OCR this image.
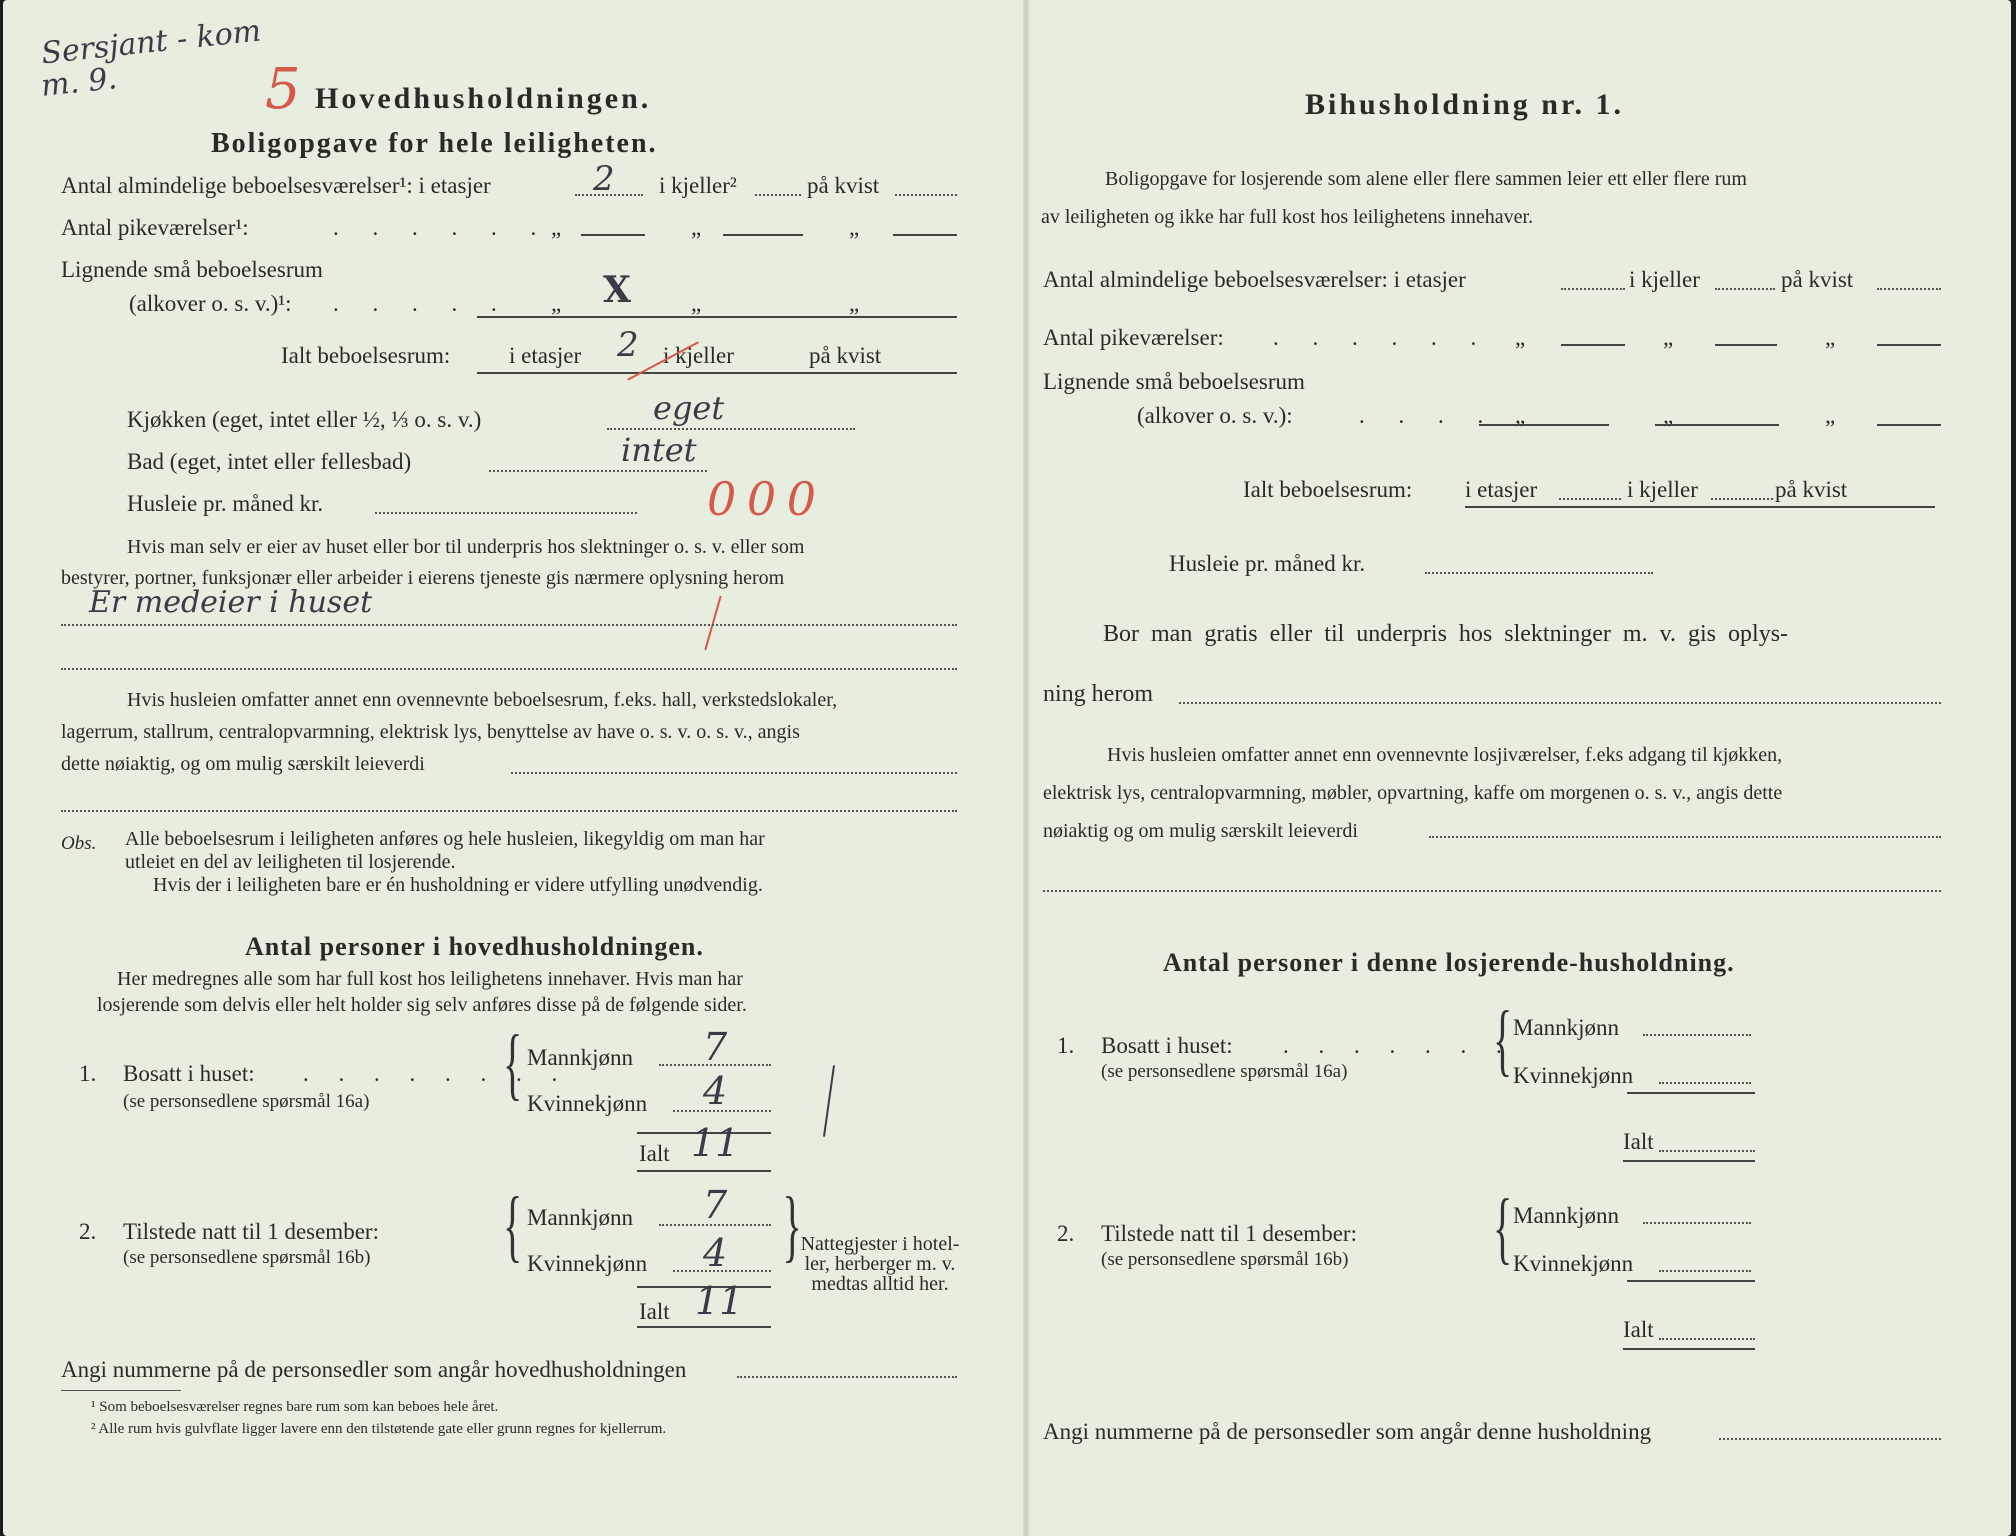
Sersjant - kom
m. 9.	5 Hovedhusholdningen.
Boligopgave for hele leiligheten.
Antal almindelige beboelsesværelser¹: i etasjer	2 i kjeller²	på kvist
Antal pikeværelser¹:	. . . . . . „	„	„
Lignende små beboelsesrum
(alkover o. s. v.)¹: . . . . . „ X	„	„
Ialt beboelsesrum:	i etasjer 2 i kjeller	på kvist
Kjøkken (eget, intet eller ½, ⅓ o. s. v.)	eget
Bad (eget, intet eller fellesbad)	intet
Husleie pr. måned kr.	0 0 0
Hvis man selv er eier av huset eller bor til underpris hos slektninger o. s. v. eller som
bestyrer, portner, funksjonær eller arbeider i eierens tjeneste gis nærmere oplysning herom
Er medeier i huset
Hvis husleien omfatter annet enn ovennevnte beboelsesrum, f.eks. hall, verkstedslokaler,
lagerrum, stallrum, centralopvarmning, elektrisk lys, benyttelse av have o. s. v. o. s. v., angis
dette nøiaktig, og om mulig særskilt leieverdi
Obs. Alle beboelsesrum i leiligheten anføres og hele husleien, likegyldig om man har
utleiet en del av leiligheten til losjerende.
Hvis der i leiligheten bare er én husholdning er videre utfylling unødvendig.
Antal personer i hovedhusholdningen.
Her medregnes alle som har full kost hos leilighetens innehaver. Hvis man har
losjerende som delvis eller helt holder sig selv anføres disse på de følgende sider.
1. Bosatt i huset: . . . . . . . .
(se personsedlene spørsmål 16a) { Mannkjønn 7
Kvinnekjønn 4
Ialt 11
2. Tilstede natt til 1 desember:
(se personsedlene spørsmål 16b) { Mannkjønn 7
Kvinnekjønn 4
Ialt 11
{
Nattegjester i hotel-
ler, herberger m. v.
medtas alltid her.
Angi nummerne på de personsedler som angår hovedhusholdningen
¹ Som beboelsesværelser regnes bare rum som kan beboes hele året.
² Alle rum hvis gulvflate ligger lavere enn den tilstøtende gate eller grunn regnes for kjellerrum.
Bihusholdning nr. 1.
Boligopgave for losjerende som alene eller flere sammen leier ett eller flere rum
av leiligheten og ikke har full kost hos leilighetens innehaver.
Antal almindelige beboelsesværelser: i etasjer	i kjeller	på kvist
Antal pikeværelser: . . . . . . „	„	„
Lignende små beboelsesrum
(alkover o. s. v.):	. . . . „	„	„
Ialt beboelsesrum: i etasjer	i kjeller	på kvist
Husleie pr. måned kr.
Bor man gratis eller til underpris hos slektninger m. v. gis oplys-
ning herom
Hvis husleien omfatter annet enn ovennevnte losjiværelser, f.eks adgang til kjøkken,
elektrisk lys, centralopvarmning, møbler, opvartning, kaffe om morgenen o. s. v., angis dette
nøiaktig og om mulig særskilt leieverdi
Antal personer i denne losjerende-husholdning.
1. Bosatt i huset: . . . . . . .
(se personsedlene spørsmål 16a) { Mannkjønn
Kvinnekjønn
Ialt
2. Tilstede natt til 1 desember:
(se personsedlene spørsmål 16b) { Mannkjønn
Kvinnekjønn
Ialt
Angi nummerne på de personsedler som angår denne husholdning
